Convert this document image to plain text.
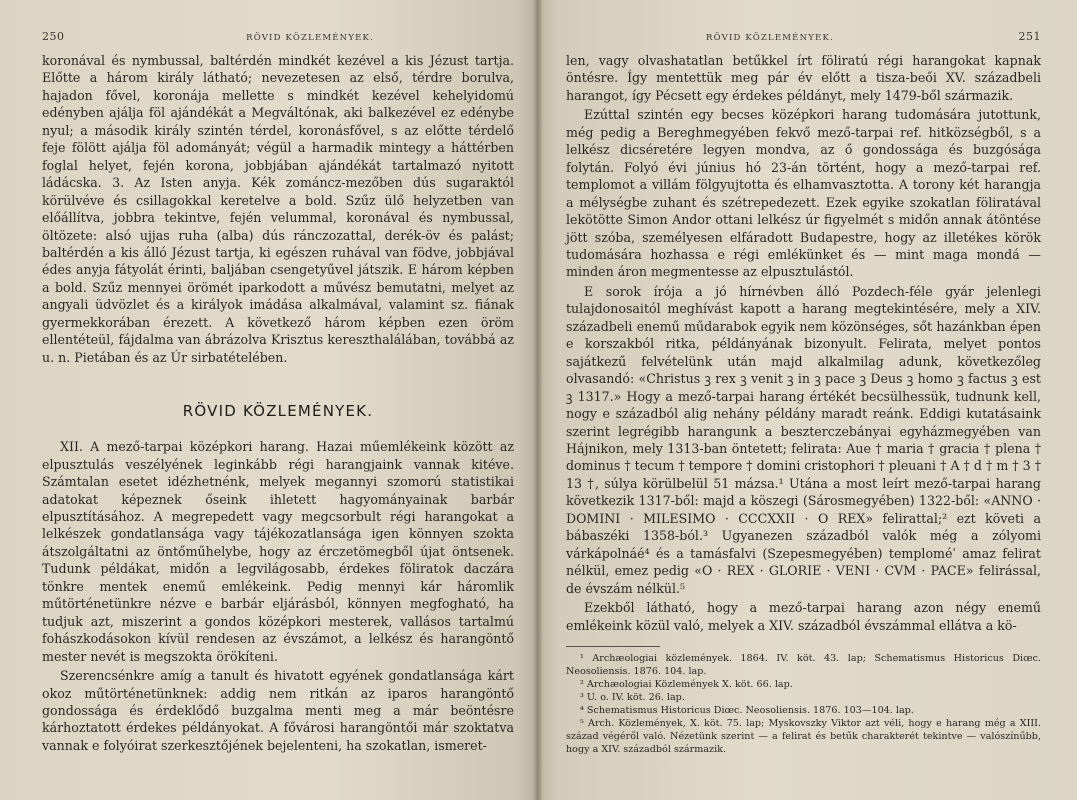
250	RÖVID KÖZLEMÉNYEK.

koronával és nymbussal, baltérdén mindkét kezével a kis Jézust tartja. Előtte a három király látható; nevezetesen az első, térdre borulva, hajadon fővel, koronája mellette s mindkét kezével kehelyidomú edényben ajálja föl ajándékát a Megváltónak, aki balkezével ez edénybe nyul; a második király szintén térdel, koronásfővel, s az előtte térdelő feje fölött ajálja föl adományát; végül a harmadik mintegy a háttérben foglal helyet, fején korona, jobbjában ajándékát tartalmazó nyitott ládácska. 3. Az Isten anyja. Kék zománcz-mezőben dús sugaraktól körülvéve és csillagokkal keretelve a bold. Szűz ülő helyzetben van előállítva, jobbra tekintve, fején velummal, koronával és nymbussal, öltözete: alsó ujjas ruha (alba) dús ránczozattal, derék-öv és palást; baltérdén a kis álló Jézust tartja, ki egészen ruhával van födve, jobbjával édes anyja fátyolát érinti, baljában csengetyűvel játszik. E három képben a bold. Szűz mennyei örömét iparkodott a művész bemutatni, melyet az angyali üdvözlet és a királyok imádása alkalmával, valamint sz. fiának gyermekkorában érezett. A következő három képben ezen öröm ellentéteül, fájdalma van ábrázolva Krisztus kereszthalálában, továbbá az u. n. Pietában és az Úr sirbatételében.

RÖVID KÖZLEMÉNYEK.

XII. A mező-tarpai középkori harang. Hazai műemlékeink között az elpusztulás veszélyének leginkább régi harangjaink vannak kitéve. Számtalan esetet idézhetnénk, melyek megannyi szomorú statistikai adatokat képeznek őseink ihletett hagyományainak barbár elpusztításához. A megrepedett vagy megcsorbult régi harangokat a lelkészek gondatlansága vagy tájékozatlansága igen könnyen szokta átszolgáltatni az öntőműhelybe, hogy az érczetömegből újat öntsenek. Tudunk példákat, midőn a legvilágosabb, érdekes föliratok daczára tönkre mentek enemű emlékeink. Pedig mennyi kár háromlik műtörténetünkre nézve e barbár eljárásból, könnyen megfogható, ha tudjuk azt, miszerint a gondos középkori mesterek, vallásos tartalmú fohászkodásokon kívül rendesen az évszámot, a lelkész és harangöntő mester nevét is megszokta örökíteni.

Szerencsénkre amíg a tanult és hivatott egyének gondatlansága kárt okoz műtörténetünknek: addig nem ritkán az iparos harangöntő gondossága és érdeklődő buzgalma menti meg a már beöntésre kárhoztatott érdekes példányokat. A fővárosi harangöntői már szoktatva vannak e folyóirat szerkesztőjének bejelenteni, ha szokatlan, ismeret-

RÖVID KÖZLEMÉNYEK.	251

len, vagy olvashatatlan betűkkel írt föliratú régi harangokat kapnak öntésre. Így mentettük meg pár év előtt a tisza-beői XV. századbeli harangot, így Pécsett egy érdekes példányt, mely 1479-ből származik.

Ezúttal szintén egy becses középkori harang tudomására jutottunk, még pedig a Bereghmegyében fekvő mező-tarpai ref. hitközségből, s a lelkész dicséretére legyen mondva, az ő gondossága és buzgósága folytán. Folyó évi június hó 23-án történt, hogy a mező-tarpai ref. templomot a villám fölgyujtotta és elhamvasztotta. A torony két harangja a mélységbe zuhant és szétrepedezett. Ezek egyike szokatlan föliratával lekötötte Simon Andor ottani lelkész úr figyelmét s midőn annak átöntése jött szóba, személyesen elfáradott Budapestre, hogy az illetékes körök tudomására hozhassa e régi emlékünket és — mint maga mondá — minden áron megmentesse az elpusztulástól.

E sorok írója a jó hírnévben álló Pozdech-féle gyár jelenlegi tulajdonosaitól meghívást kapott a harang megtekintésére, mely a XIV. századbeli enemű műdarabok egyik nem közönséges, sőt hazánkban épen e korszakból ritka, példányának bizonyult. Felirata, melyet pontos sajátkezű felvételünk után majd alkalmilag adunk, következőleg olvasandó: «Christus ꝫ rex ꝫ venit ꝫ in ꝫ pace ꝫ Deus ꝫ homo ꝫ factus ꝫ est ꝫ 1317.» Hogy a mező-tarpai harang értékét becsülhessük, tudnunk kell, nogy e századból alig nehány példány maradt reánk. Eddigi kutatásaink szerint legrégibb harangunk a beszterczebányai egyházmegyében van Hájnikon, mely 1313-ban öntetett; felirata: Aue † maria † gracia † plena † dominus † tecum † tempore † domini cristophori † pleuani † A † d † m † 3 † 13 †, súlya körülbelül 51 mázsa.¹ Utána a most leírt mező-tarpai harang következik 1317-ből: majd a köszegi (Sárosmegyében) 1322-ből: «ANNO · DOMINI · MILESIMO · CCCXXII · O REX» felirattal;² ezt követi a bábaszéki 1358-ból.³ Ugyanezen századból valók még a zólyomi várkápolnáé⁴ és a tamásfalvi (Szepesmegyében) temploméˈ amaz felirat nélkül, emez pedig «O · REX · GLORIE · VENI · CVM · PACE» felirással, de évszám nélkül.⁵

Ezekből látható, hogy a mező-tarpai harang azon négy enemű emlékeink közül való, melyek a XIV. századból évszámmal ellátva a kö-

¹ Archæologiai közlemények. 1864. IV. köt. 43. lap; Schematismus Historicus Diœc. Neosoliensis. 1876. 104. lap.

² Archæologiai Közlemények X. köt. 66. lap.

³ U. o. IV. köt. 26. lap.

⁴ Schematismus Historicus Diœc. Neosoliensis. 1876. 103—104. lap.

⁵ Arch. Közlemények, X. köt. 75. lap; Myskovszky Viktor azt véli, hogy e harang még a XIII. század végéről való. Nézetünk szerint — a felirat és betűk charakterét tekintve — valószínűbb, hogy a XIV. századból származik.
